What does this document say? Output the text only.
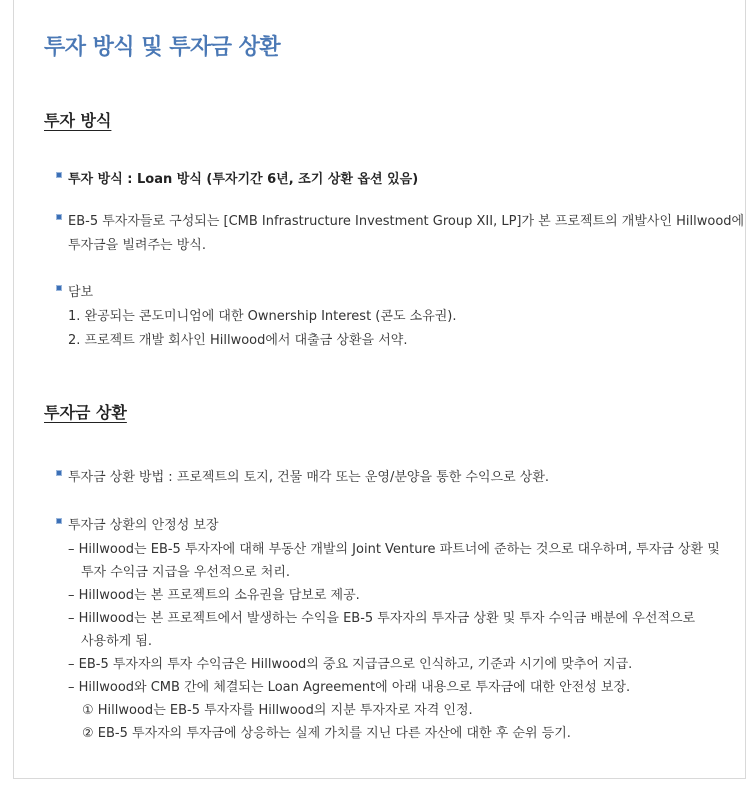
투자 방식 및 투자금 상환
투자 방식

투자 방식 : Loan 방식 (투자기간 6년, 조기 상환 옵션 있음)

EB-5 투자자들로 구성되는 [CMB Infrastructure Investment Group XII, LP]가 본 프로젝트의 개발사인 Hillwood에

투자금을 빌려주는 방식.

담보

1. 완공되는 콘도미니엄에 대한 Ownership Interest (콘도 소유권).

2. 프로젝트 개발 회사인 Hillwood에서 대출금 상환을 서약.

투자금 상환

투자금 상환 방법 : 프로젝트의 토지, 건물 매각 또는 운영/분양을 통한 수익으로 상환.

투자금 상환의 안정성 보장

– Hillwood는 EB-5 투자자에 대해 부동산 개발의 Joint Venture 파트너에 준하는 것으로 대우하며, 투자금 상환 및

투자 수익금 지급을 우선적으로 처리.

– Hillwood는 본 프로젝트의 소유권을 담보로 제공.

– Hillwood는 본 프로젝트에서 발생하는 수익을 EB-5 투자자의 투자금 상환 및 투자 수익금 배분에 우선적으로

사용하게 됨.

– EB-5 투자자의 투자 수익금은 Hillwood의 중요 지급금으로 인식하고, 기준과 시기에 맞추어 지급.

– Hillwood와 CMB 간에 체결되는 Loan Agreement에 아래 내용으로 투자금에 대한 안전성 보장.

① Hillwood는 EB-5 투자자를 Hillwood의 지분 투자자로 자격 인정.

② EB-5 투자자의 투자금에 상응하는 실제 가치를 지닌 다른 자산에 대한 후 순위 등기.
